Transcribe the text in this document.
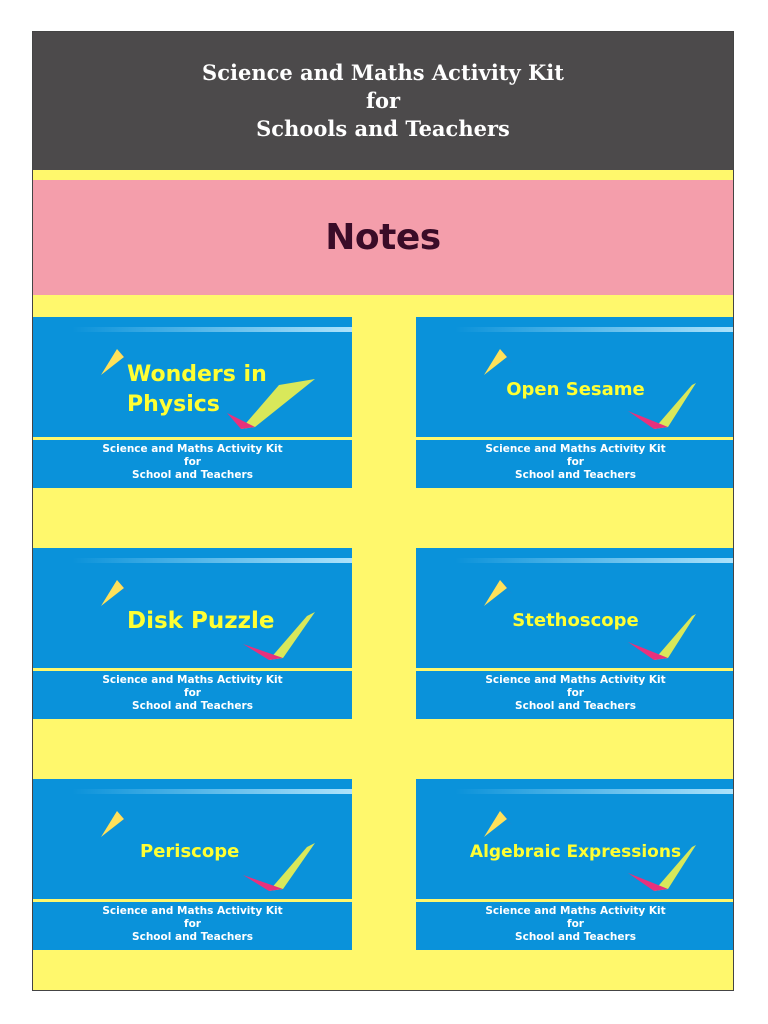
Science and Maths Activity Kit
for
Schools and Teachers
Notes
Wonders in
Physics
Science and Maths Activity Kit
for
School and Teachers
Open Sesame
Science and Maths Activity Kit
for
School and Teachers
Disk Puzzle
Science and Maths Activity Kit
for
School and Teachers
Stethoscope
Science and Maths Activity Kit
for
School and Teachers
Periscope
Science and Maths Activity Kit
for
School and Teachers
Algebraic Expressions
Science and Maths Activity Kit
for
School and Teachers
